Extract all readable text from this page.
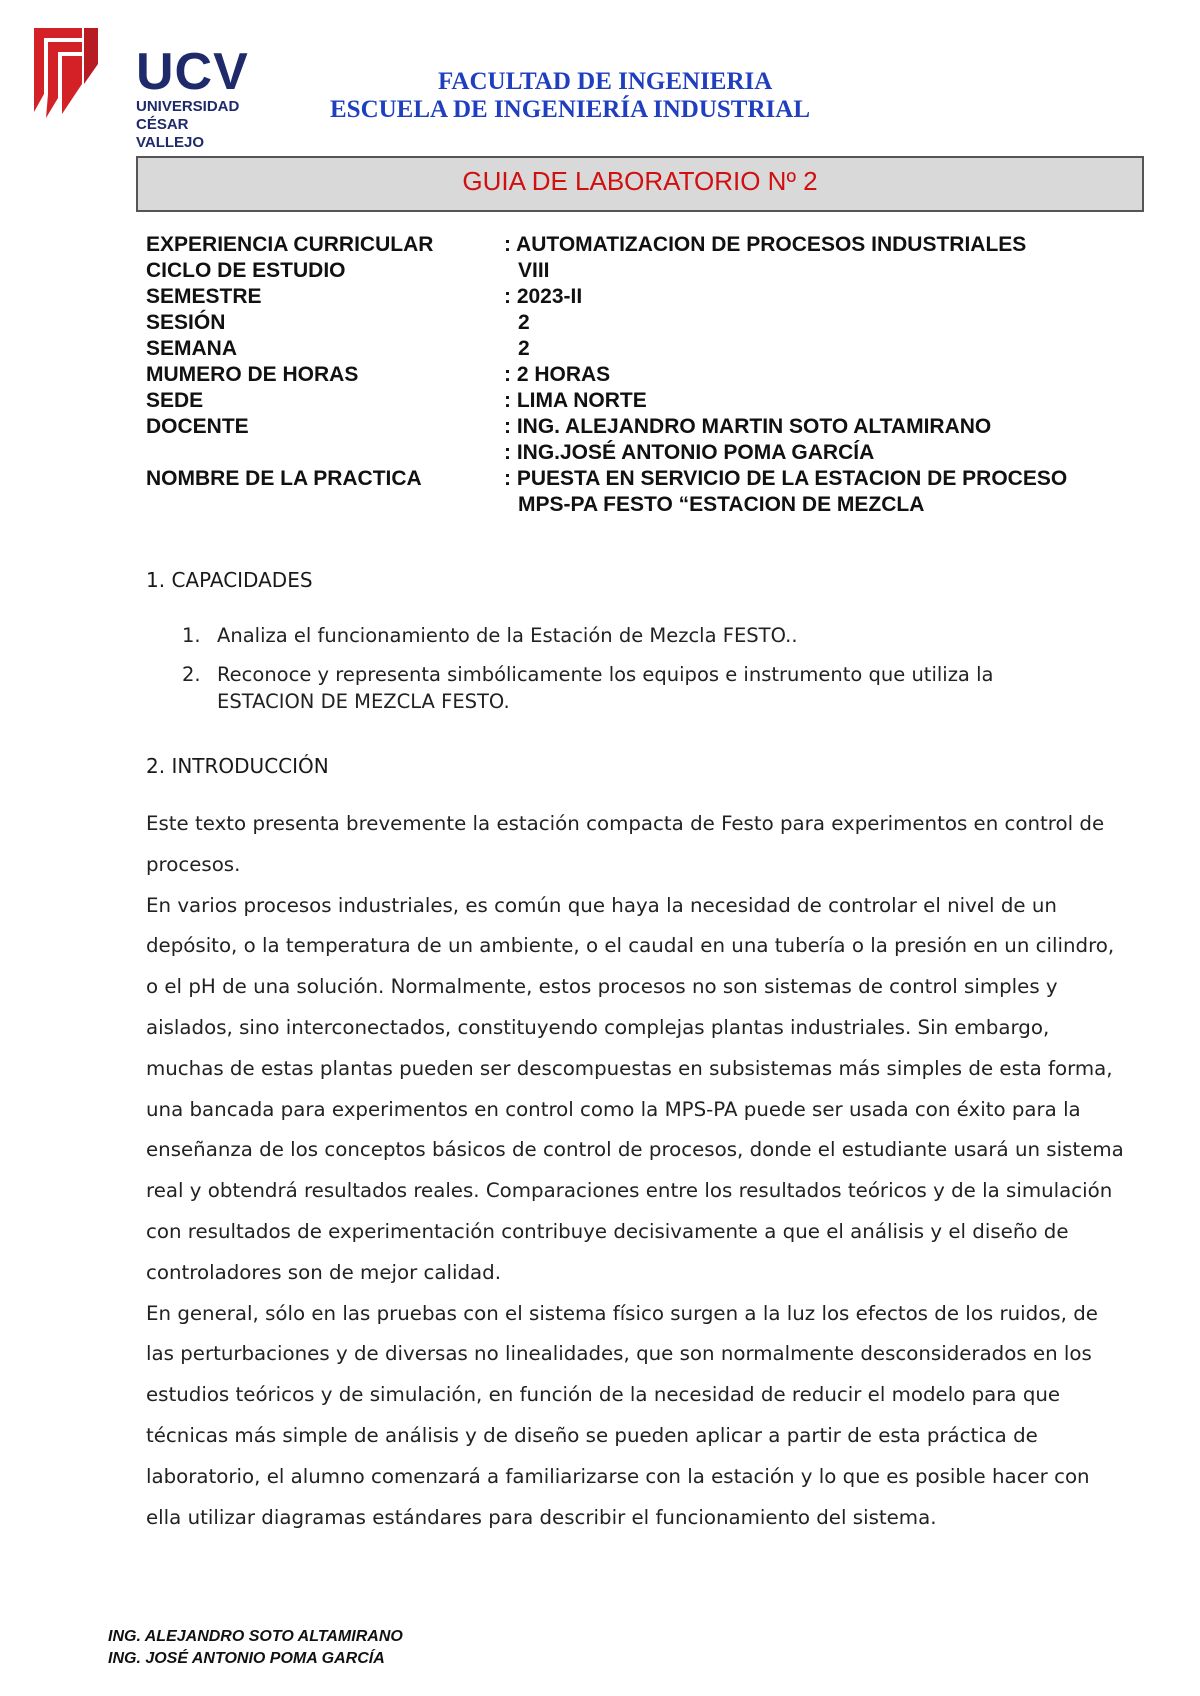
UCV
UNIVERSIDAD
CÉSAR VALLEJO
FACULTAD DE INGENIERIA
ESCUELA DE INGENIERÍA INDUSTRIAL
GUIA DE LABORATORIO Nº 2
EXPERIENCIA CURRICULAR	: AUTOMATIZACION DE PROCESOS INDUSTRIALES
CICLO DE ESTUDIO	VIII
SEMESTRE	: 2023-II
SESIÓN	2
SEMANA	2
MUMERO DE HORAS	: 2 HORAS
SEDE	: LIMA NORTE
DOCENTE	: ING. ALEJANDRO MARTIN SOTO ALTAMIRANO
: ING.JOSÉ ANTONIO POMA GARCÍA
NOMBRE DE LA PRACTICA	: PUESTA EN SERVICIO DE LA ESTACION DE PROCESO
MPS-PA FESTO “ESTACION DE MEZCLA
1. CAPACIDADES
1. Analiza el funcionamiento de la Estación de Mezcla FESTO..
2. Reconoce y representa simbólicamente los equipos e instrumento que utiliza la ESTACION DE MEZCLA FESTO.
2. INTRODUCCIÓN

Este texto presenta brevemente la estación compacta de Festo para experimentos en control de procesos.

En varios procesos industriales, es común que haya la necesidad de controlar el nivel de un depósito, o la temperatura de un ambiente, o el caudal en una tubería o la presión en un cilindro, o el pH de una solución. Normalmente, estos procesos no son sistemas de control simples y aislados, sino interconectados, constituyendo complejas plantas industriales. Sin embargo, muchas de estas plantas pueden ser descompuestas en subsistemas más simples de esta forma, una bancada para experimentos en control como la MPS-PA puede ser usada con éxito para la enseñanza de los conceptos básicos de control de procesos, donde el estudiante usará un sistema real y obtendrá resultados reales. Comparaciones entre los resultados teóricos y de la simulación con resultados de experimentación contribuye decisivamente a que el análisis y el diseño de controladores son de mejor calidad.

En general, sólo en las pruebas con el sistema físico surgen a la luz los efectos de los ruidos, de las perturbaciones y de diversas no linealidades, que son normalmente desconsiderados en los estudios teóricos y de simulación, en función de la necesidad de reducir el modelo para que técnicas más simple de análisis y de diseño se pueden aplicar a partir de esta práctica de laboratorio, el alumno comenzará a familiarizarse con la estación y lo que es posible hacer con ella utilizar diagramas estándares para describir el funcionamiento del sistema.

ING. ALEJANDRO SOTO ALTAMIRANO
ING. JOSÉ ANTONIO POMA GARCÍA
